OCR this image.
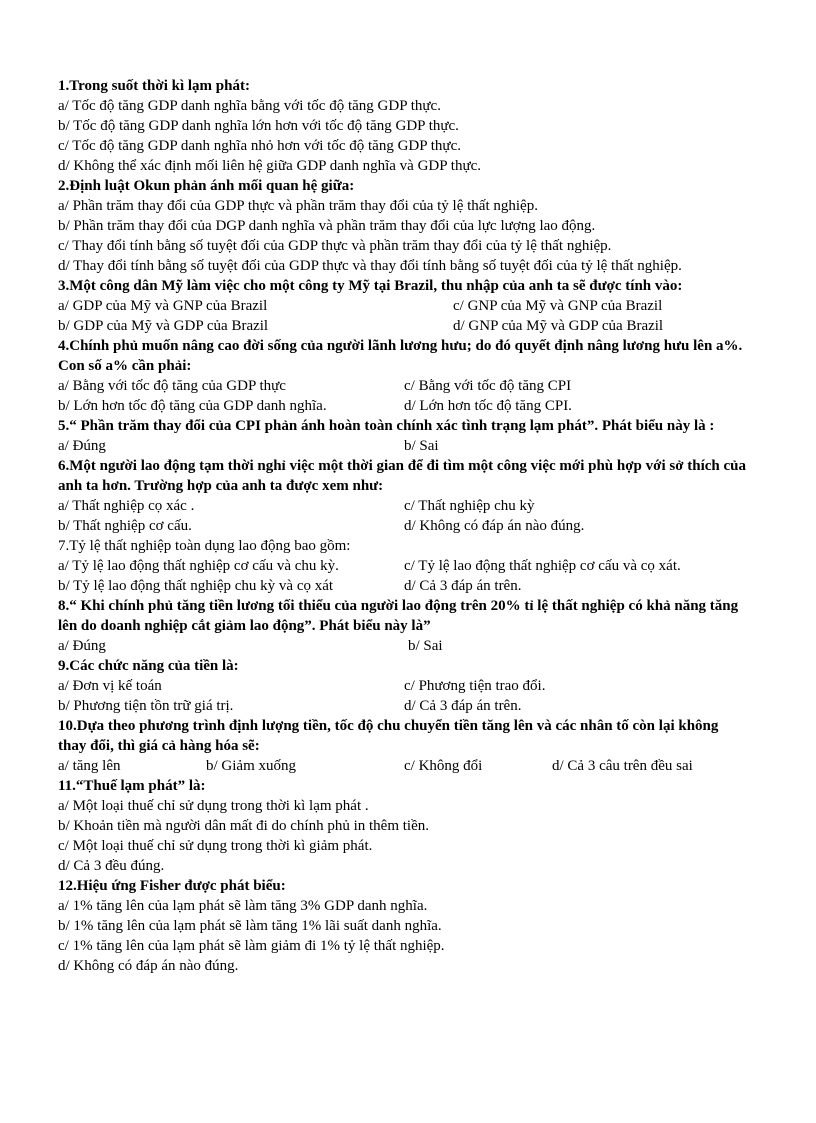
1.Trong suốt thời kì lạm phát:
a/ Tốc độ tăng GDP danh nghĩa bằng với tốc độ tăng GDP thực.
b/ Tốc độ tăng GDP danh nghĩa lớn hơn với tốc độ tăng GDP thực.
c/ Tốc độ tăng GDP danh nghĩa nhỏ hơn với tốc độ tăng GDP thực.
d/ Không thể xác định mối liên hệ giữa GDP danh nghĩa và GDP thực.
2.Định luật Okun phản ánh mối quan hệ giữa:
a/ Phần trăm thay đổi của GDP thực và phần trăm thay đổi của tỷ lệ thất nghiệp.
b/ Phần trăm thay đổi của DGP danh nghĩa và phần trăm thay đổi của lực lượng lao động.
c/ Thay đổi tính bằng số tuyệt đối của GDP thực và phần trăm thay đổi của tỷ lệ thất nghiệp.
d/ Thay đổi tính bằng số tuyệt đối của GDP thực và thay đổi tính bằng số tuyệt đối của tỷ lệ thất nghiệp.
3.Một công dân Mỹ làm việc cho một công ty Mỹ tại Brazil, thu nhập của anh ta sẽ được tính vào:
a/ GDP của Mỹ và GNP của Brazil	c/ GNP của Mỹ và GNP của Brazil
b/ GDP của Mỹ và GDP của Brazil	d/ GNP của Mỹ và GDP của Brazil
4.Chính phủ muốn nâng cao đời sống của người lãnh lương hưu; do đó quyết định nâng lương hưu lên a%. Con số a% cần phải:
a/ Bằng với tốc độ tăng của GDP thực	c/ Bằng với tốc độ tăng CPI
b/ Lớn hơn tốc độ tăng của GDP danh nghĩa.	d/ Lớn hơn tốc độ tăng CPI.
5.“ Phần trăm thay đổi của CPI phản ánh hoàn toàn chính xác tình trạng lạm phát”. Phát biểu này là :
a/ Đúng	b/ Sai
6.Một người lao động tạm thời nghỉ việc một thời gian để đi tìm một công việc mới phù hợp với sở thích của anh ta hơn. Trường hợp của anh ta được xem như:
a/ Thất nghiệp cọ xác .	c/ Thất nghiệp chu kỳ
b/ Thất nghiệp cơ cấu.	d/ Không có đáp án nào đúng.
7.Tỷ lệ thất nghiệp toàn dụng lao động bao gồm:
a/ Tỷ lệ lao động thất nghiệp cơ cấu và chu kỳ.	c/ Tỷ lệ lao động thất nghiệp cơ cấu và cọ xát.
b/ Tỷ lệ lao động thất nghiệp chu kỳ và cọ xát	d/ Cả 3 đáp án trên.
8.“ Khi chính phủ tăng tiền lương tối thiểu của người lao động trên 20% tỉ lệ thất nghiệp có khả năng tăng lên do doanh nghiệp cắt giảm lao động”. Phát biểu này là”
a/ Đúng	b/ Sai
9.Các chức năng của tiền là:
a/ Đơn vị kế toán	c/ Phương tiện trao đổi.
b/ Phương tiện tồn trữ giá trị.	d/ Cả 3 đáp án trên.
10.Dựa theo phương trình định lượng tiền, tốc độ chu chuyển tiền tăng lên và các nhân tố còn lại không thay đổi, thì giá cả hàng hóa sẽ:
a/ tăng lên	b/ Giảm xuống	c/ Không đổi	d/ Cả 3 câu trên đều sai
11.“Thuế lạm phát” là:
a/ Một loại thuế chỉ sử dụng trong thời kì lạm phát .
b/ Khoản tiền mà người dân mất đi do chính phủ in thêm tiền.
c/ Một loại thuế chỉ sử dụng trong thời kì giảm phát.
d/ Cả 3 đều đúng.
12.Hiệu ứng Fisher được phát biểu:
a/ 1% tăng lên của lạm phát sẽ làm tăng 3% GDP danh nghĩa.
b/ 1% tăng lên của lạm phát sẽ làm tăng 1% lãi suất danh nghĩa.
c/ 1% tăng lên của lạm phát sẽ làm giảm đi 1% tỷ lệ thất nghiệp.
d/ Không có đáp án nào đúng.
